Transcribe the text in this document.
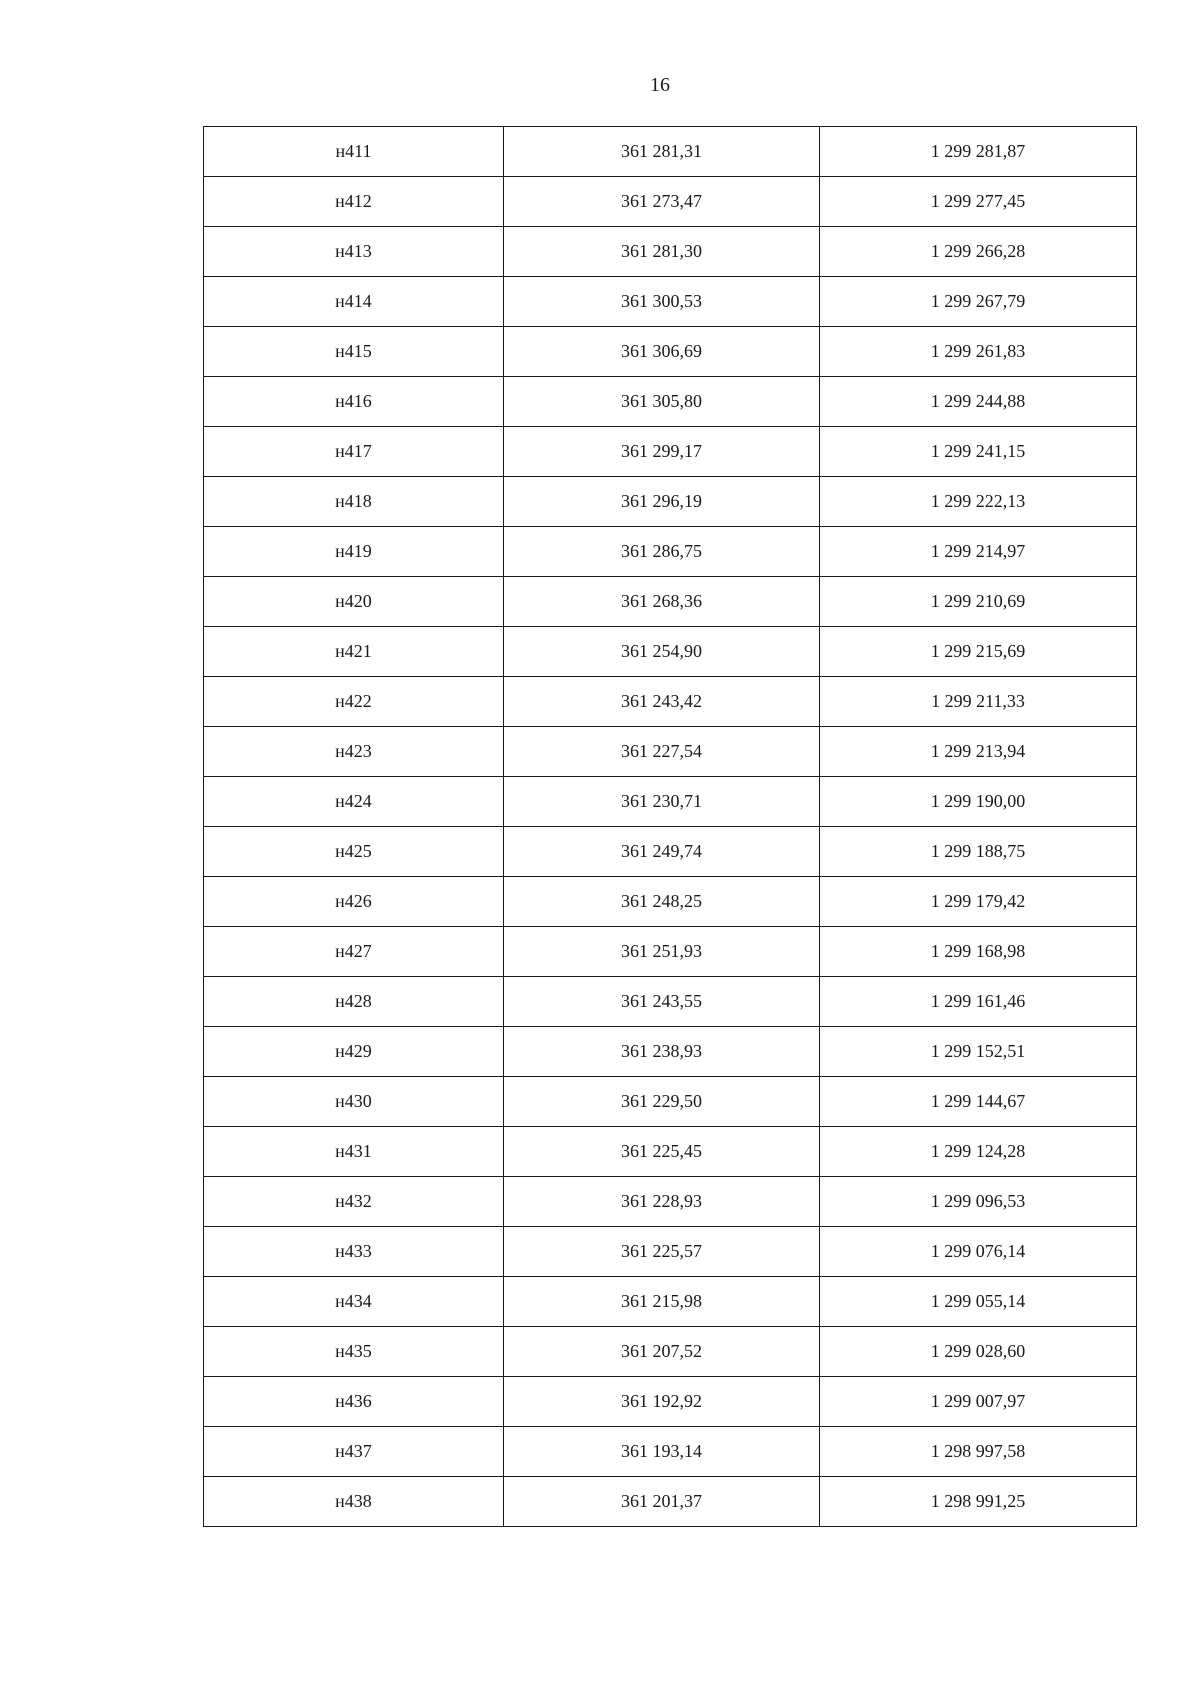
16
н411	361 281,31	1 299 281,87
н412	361 273,47	1 299 277,45
н413	361 281,30	1 299 266,28
н414	361 300,53	1 299 267,79
н415	361 306,69	1 299 261,83
н416	361 305,80	1 299 244,88
н417	361 299,17	1 299 241,15
н418	361 296,19	1 299 222,13
н419	361 286,75	1 299 214,97
н420	361 268,36	1 299 210,69
н421	361 254,90	1 299 215,69
н422	361 243,42	1 299 211,33
н423	361 227,54	1 299 213,94
н424	361 230,71	1 299 190,00
н425	361 249,74	1 299 188,75
н426	361 248,25	1 299 179,42
н427	361 251,93	1 299 168,98
н428	361 243,55	1 299 161,46
н429	361 238,93	1 299 152,51
н430	361 229,50	1 299 144,67
н431	361 225,45	1 299 124,28
н432	361 228,93	1 299 096,53
н433	361 225,57	1 299 076,14
н434	361 215,98	1 299 055,14
н435	361 207,52	1 299 028,60
н436	361 192,92	1 299 007,97
н437	361 193,14	1 298 997,58
н438	361 201,37	1 298 991,25
